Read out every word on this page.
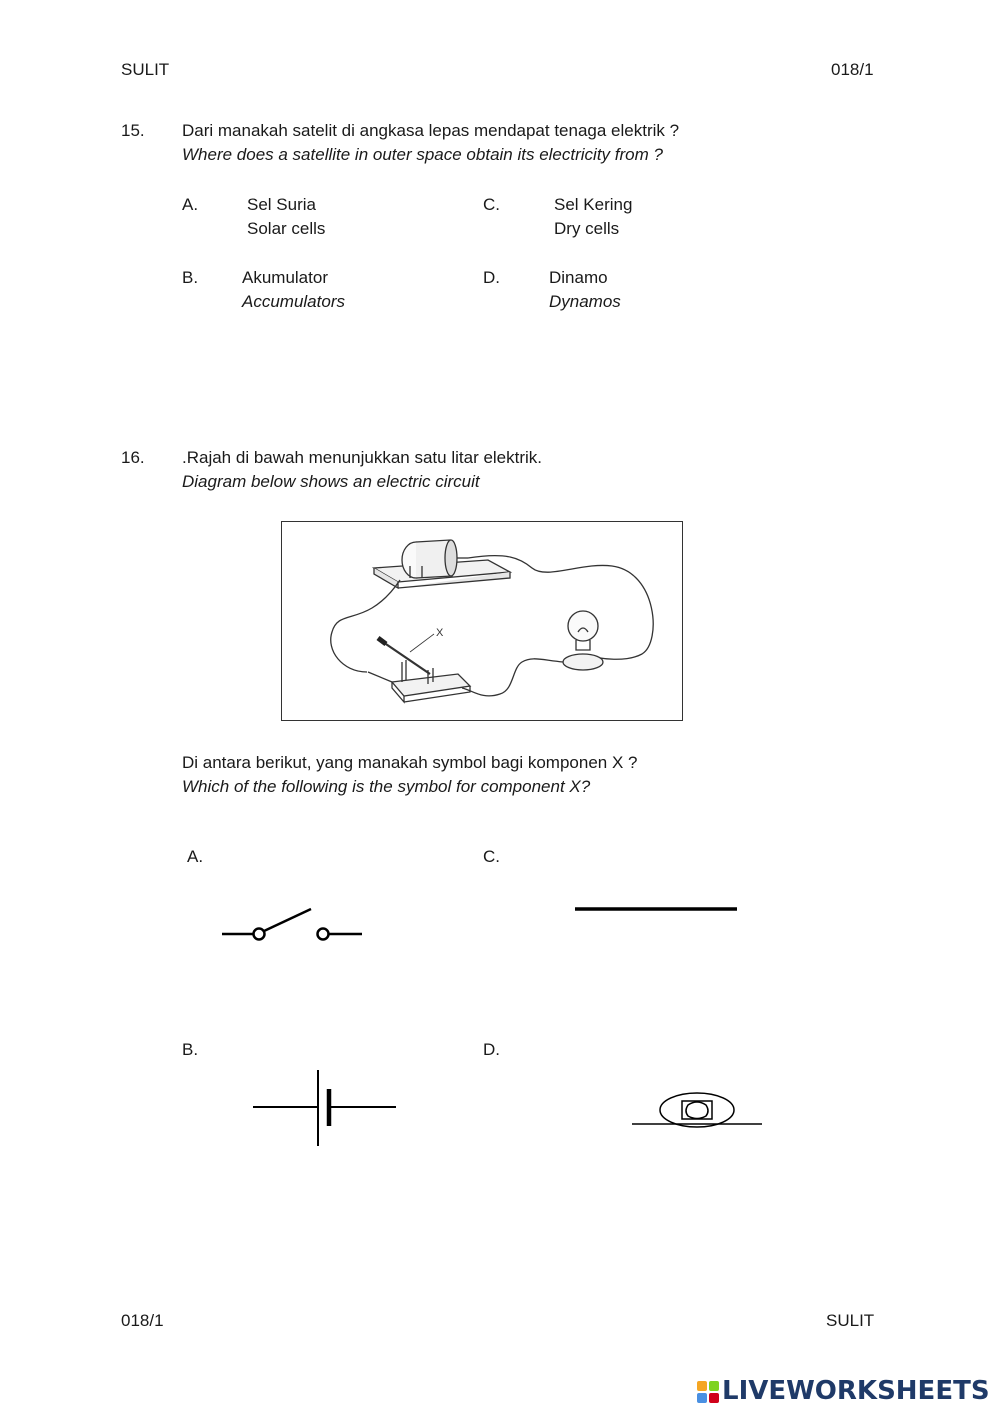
SULIT	018/1
15. Dari manakah satelit di angkasa lepas mendapat tenaga elektrik ?
Where does a satellite in outer space obtain its electricity from ?
A.	Sel Suria
Solar cells
C.	Sel Kering
Dry cells
B.	Akumulator
Accumulators
D.	Dinamo
Dynamos
16. .Rajah di bawah menunjukkan satu litar elektrik.
Diagram below shows an electric circuit
X
Di antara berikut, yang manakah symbol bagi komponen X ?
Which of the following is the symbol for component X?
A.	C.
B.	D.
018/1	SULIT
LIVEWORKSHEETS
